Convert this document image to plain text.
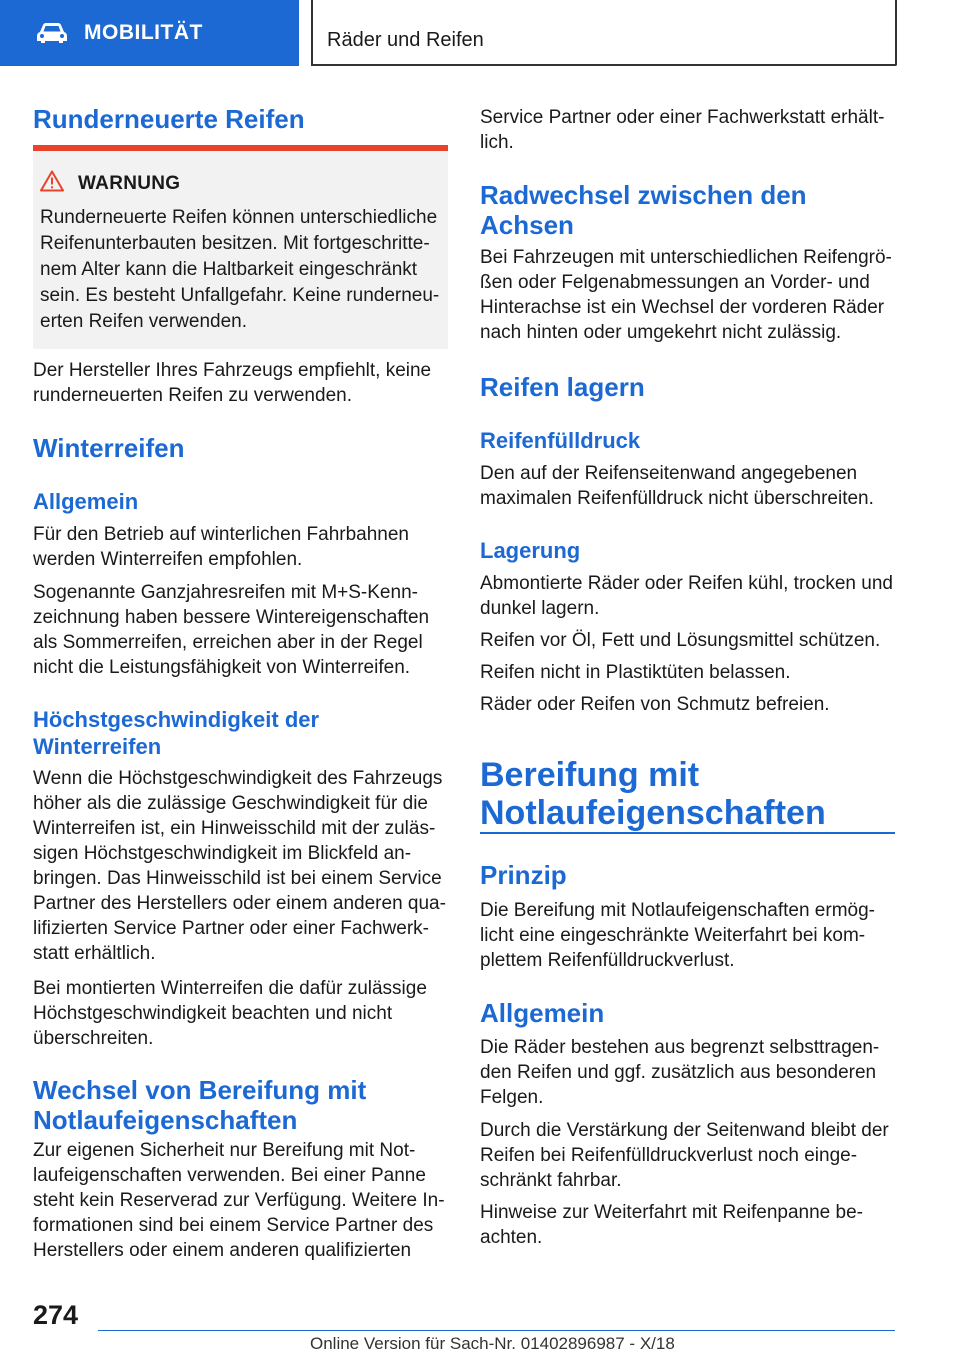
MOBILITÄT	Räder und Reifen
Runderneuerte Reifen
WARNUNG

Runderneuerte Reifen können unterschiedliche
Reifenunterbauten besitzen. Mit fortgeschritte-
nem Alter kann die Haltbarkeit eingeschränkt
sein. Es besteht Unfallgefahr. Keine runderneu-
erten Reifen verwenden.

Der Hersteller Ihres Fahrzeugs empfiehlt, keine
runderneuerten Reifen zu verwenden.

Winterreifen
Allgemein

Für den Betrieb auf winterlichen Fahrbahnen
werden Winterreifen empfohlen.

Sogenannte Ganzjahresreifen mit M+S-Kenn-
zeichnung haben bessere Wintereigenschaften
als Sommerreifen, erreichen aber in der Regel
nicht die Leistungsfähigkeit von Winterreifen.

Höchstgeschwindigkeit der
Winterreifen

Wenn die Höchstgeschwindigkeit des Fahrzeugs
höher als die zulässige Geschwindigkeit für die
Winterreifen ist, ein Hinweisschild mit der zuläs-
sigen Höchstgeschwindigkeit im Blickfeld an-
bringen. Das Hinweisschild ist bei einem Service
Partner des Herstellers oder einem anderen qua-
lifizierten Service Partner oder einer Fachwerk-
statt erhältlich.

Bei montierten Winterreifen die dafür zulässige
Höchstgeschwindigkeit beachten und nicht
überschreiten.

Wechsel von Bereifung mit
Notlaufeigenschaften

Zur eigenen Sicherheit nur Bereifung mit Not-
laufeigenschaften verwenden. Bei einer Panne
steht kein Reserverad zur Verfügung. Weitere In-
formationen sind bei einem Service Partner des
Herstellers oder einem anderen qualifizierten

Service Partner oder einer Fachwerkstatt erhält-
lich.

Radwechsel zwischen den
Achsen

Bei Fahrzeugen mit unterschiedlichen Reifengrö-
ßen oder Felgenabmessungen an Vorder- und
Hinterachse ist ein Wechsel der vorderen Räder
nach hinten oder umgekehrt nicht zulässig.

Reifen lagern
Reifenfülldruck

Den auf der Reifenseitenwand angegebenen
maximalen Reifenfülldruck nicht überschreiten.

Lagerung

Abmontierte Räder oder Reifen kühl, trocken und
dunkel lagern.

Reifen vor Öl, Fett und Lösungsmittel schützen.

Reifen nicht in Plastiktüten belassen.

Räder oder Reifen von Schmutz befreien.

Bereifung mit
Notlaufeigenschaften
Prinzip

Die Bereifung mit Notlaufeigenschaften ermög-
licht eine eingeschränkte Weiterfahrt bei kom-
plettem Reifenfülldruckverlust.

Allgemein

Die Räder bestehen aus begrenzt selbsttragen-
den Reifen und ggf. zusätzlich aus besonderen
Felgen.

Durch die Verstärkung der Seitenwand bleibt der
Reifen bei Reifenfülldruckverlust noch einge-
schränkt fahrbar.

Hinweise zur Weiterfahrt mit Reifenpanne be-
achten.

274
Online Version für Sach-Nr. 01402896987 - X/18
